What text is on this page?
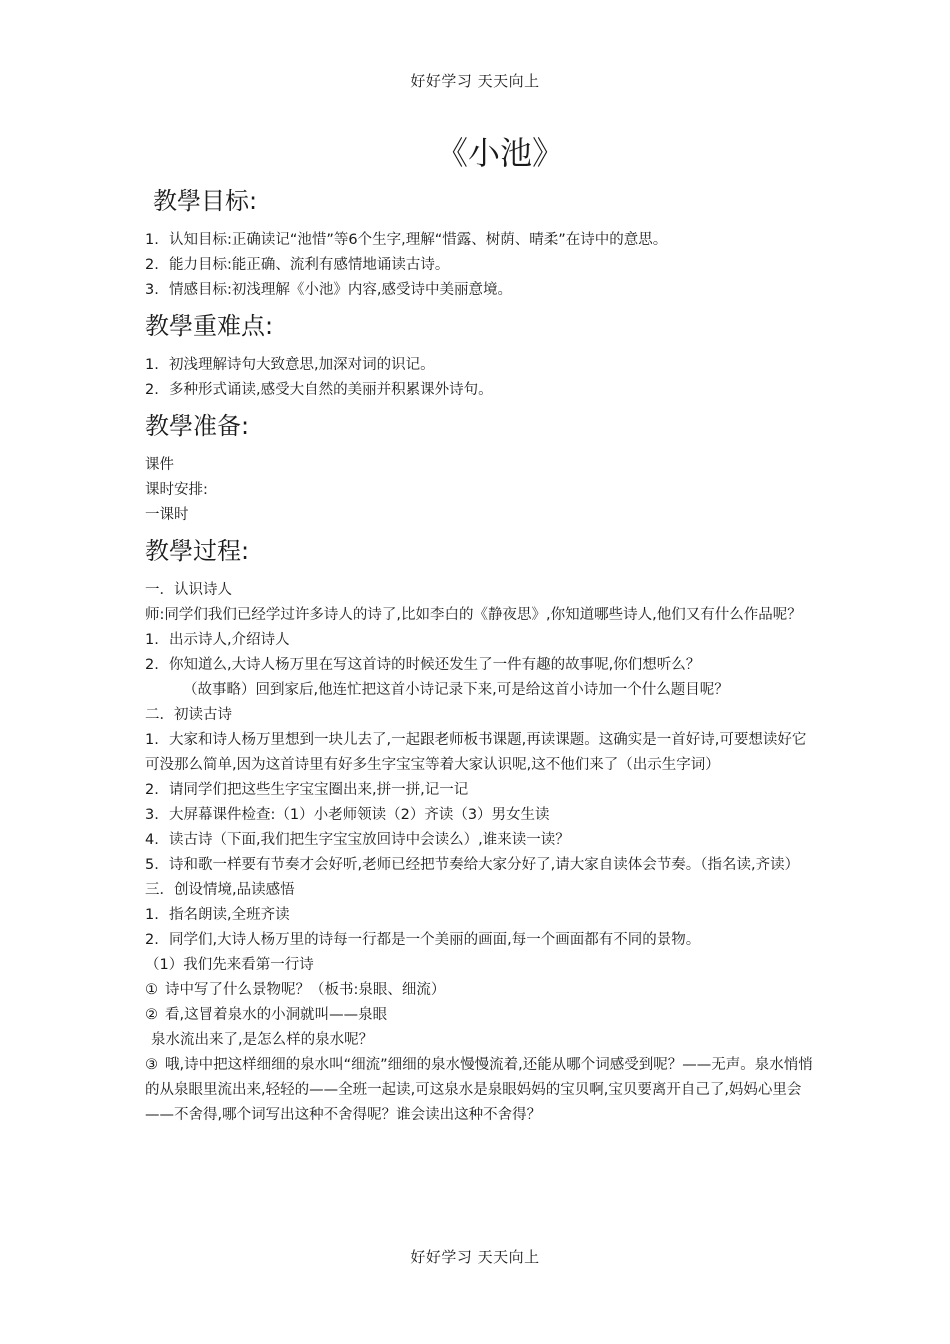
好好学习 天天向上
《小池》
教學目标:

1. 认知目标:正确读记“池惜”等6个生字,理解“惜露、树荫、晴柔”在诗中的意思。

2. 能力目标:能正确、流利有感情地诵读古诗。

3. 情感目标:初浅理解《小池》内容,感受诗中美丽意境。

教學重难点:

1. 初浅理解诗句大致意思,加深对词的识记。

2. 多种形式诵读,感受大自然的美丽并积累课外诗句。

教學准备:

课件

课时安排:

一课时

教學过程:

一．认识诗人

师:同学们我们已经学过许多诗人的诗了,比如李白的《静夜思》,你知道哪些诗人,他们又有什么作品呢？

1. 出示诗人,介绍诗人

2. 你知道么,大诗人杨万里在写这首诗的时候还发生了一件有趣的故事呢,你们想听么？

（故事略）回到家后,他连忙把这首小诗记录下来,可是给这首小诗加一个什么题目呢？

二．初读古诗

1. 大家和诗人杨万里想到一块儿去了,一起跟老师板书课题,再读课题。这确实是一首好诗,可要想读好它可没那么简单,因为这首诗里有好多生字宝宝等着大家认识呢,这不他们来了（出示生字词）

2. 请同学们把这些生字宝宝圈出来,拼一拼,记一记

3. 大屏幕课件检查:（1）小老师领读（2）齐读（3）男女生读

4. 读古诗（下面,我们把生字宝宝放回诗中会读么）,谁来读一读？

5. 诗和歌一样要有节奏才会好听,老师已经把节奏给大家分好了,请大家自读体会节奏。（指名读,齐读）

三．创设情境,品读感悟

1. 指名朗读,全班齐读

2. 同学们,大诗人杨万里的诗每一行都是一个美丽的画面,每一个画面都有不同的景物。

（1）我们先来看第一行诗

① 诗中写了什么景物呢？（板书:泉眼、细流）

② 看,这冒着泉水的小洞就叫——泉眼

泉水流出来了,是怎么样的泉水呢？

③ 哦,诗中把这样细细的泉水叫“细流”细细的泉水慢慢流着,还能从哪个词感受到呢？——无声。泉水悄悄的从泉眼里流出来,轻轻的——全班一起读,可这泉水是泉眼妈妈的宝贝啊,宝贝要离开自己了,妈妈心里会——不舍得,哪个词写出这种不舍得呢？谁会读出这种不舍得？

好好学习 天天向上
